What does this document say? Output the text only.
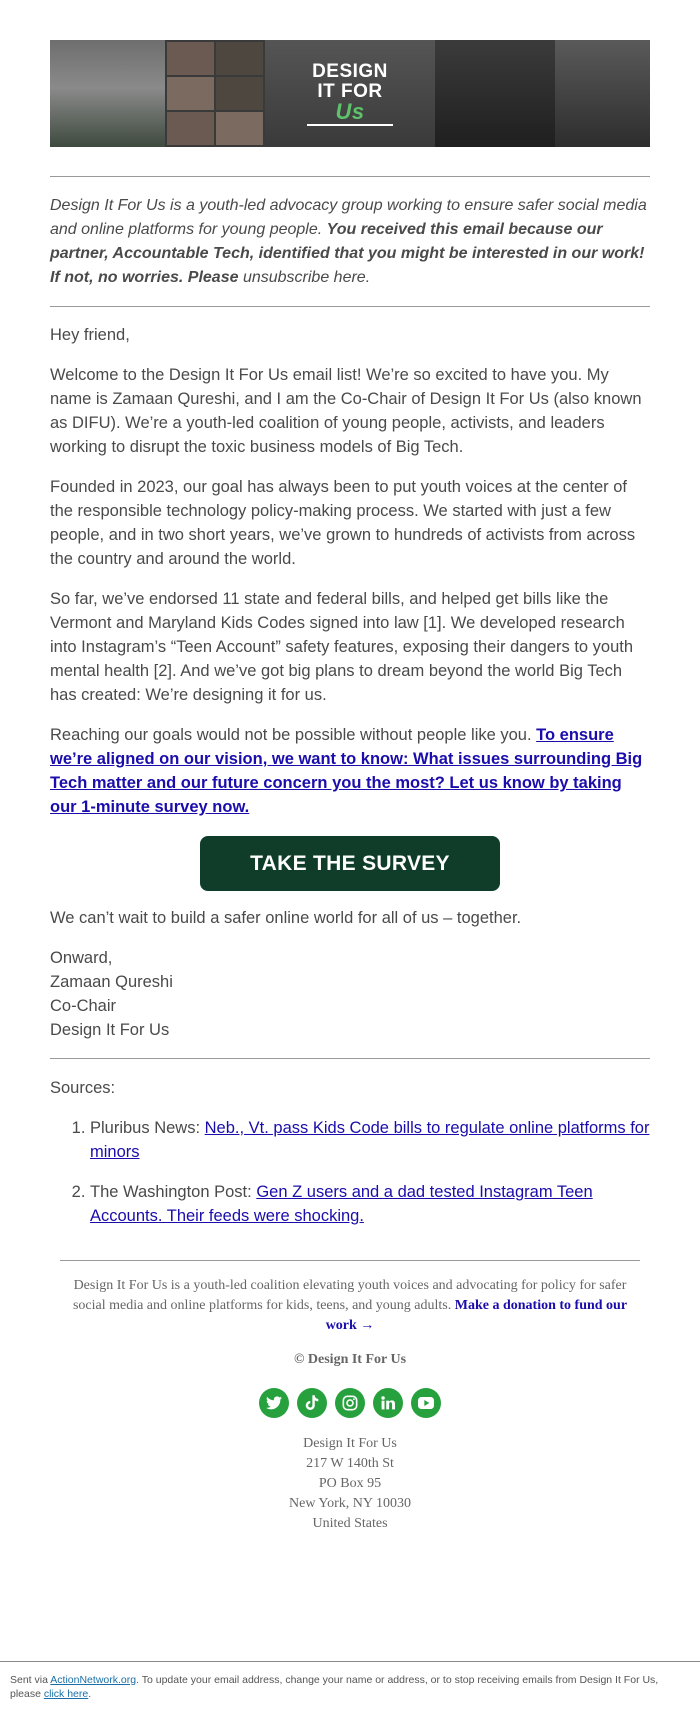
DESIGN
IT FOR
Us

Design It For Us is a youth-led advocacy group working to ensure safer social media and online platforms for young people. You received this email because our partner, Accountable Tech, identified that you might be interested in our work! If not, no worries. Please unsubscribe here.

Hey friend,

Welcome to the Design It For Us email list! We’re so excited to have you. My name is Zamaan Qureshi, and I am the Co-Chair of Design It For Us (also known as DIFU). We’re a youth-led coalition of young people, activists, and leaders working to disrupt the toxic business models of Big Tech.

Founded in 2023, our goal has always been to put youth voices at the center of the responsible technology policy-making process. We started with just a few people, and in two short years, we’ve grown to hundreds of activists from across the country and around the world.

So far, we’ve endorsed 11 state and federal bills, and helped get bills like the Vermont and Maryland Kids Codes signed into law [1]. We developed research into Instagram’s “Teen Account” safety features, exposing their dangers to youth mental health [2]. And we’ve got big plans to dream beyond the world Big Tech has created: We’re designing it for us.

Reaching our goals would not be possible without people like you. To ensure we’re aligned on our vision, we want to know: What issues surrounding Big Tech matter and our future concern you the most? Let us know by taking our 1-minute survey now.

TAKE THE SURVEY

We can’t wait to build a safer online world for all of us – together.

Onward,
Zamaan Qureshi
Co-Chair
Design It For Us

Sources:

1. Pluribus News: Neb., Vt. pass Kids Code bills to regulate online platforms for minors
2. The Washington Post: Gen Z users and a dad tested Instagram Teen Accounts. Their feeds were shocking.

Design It For Us is a youth-led coalition elevating youth voices and advocating for policy for safer social media and online platforms for kids, teens, and young adults. Make a donation to fund our work →

© Design It For Us

Design It For Us
217 W 140th St
PO Box 95
New York, NY 10030
United States

Sent via ActionNetwork.org. To update your email address, change your name or address, or to stop receiving emails from Design It For Us, please click here.
